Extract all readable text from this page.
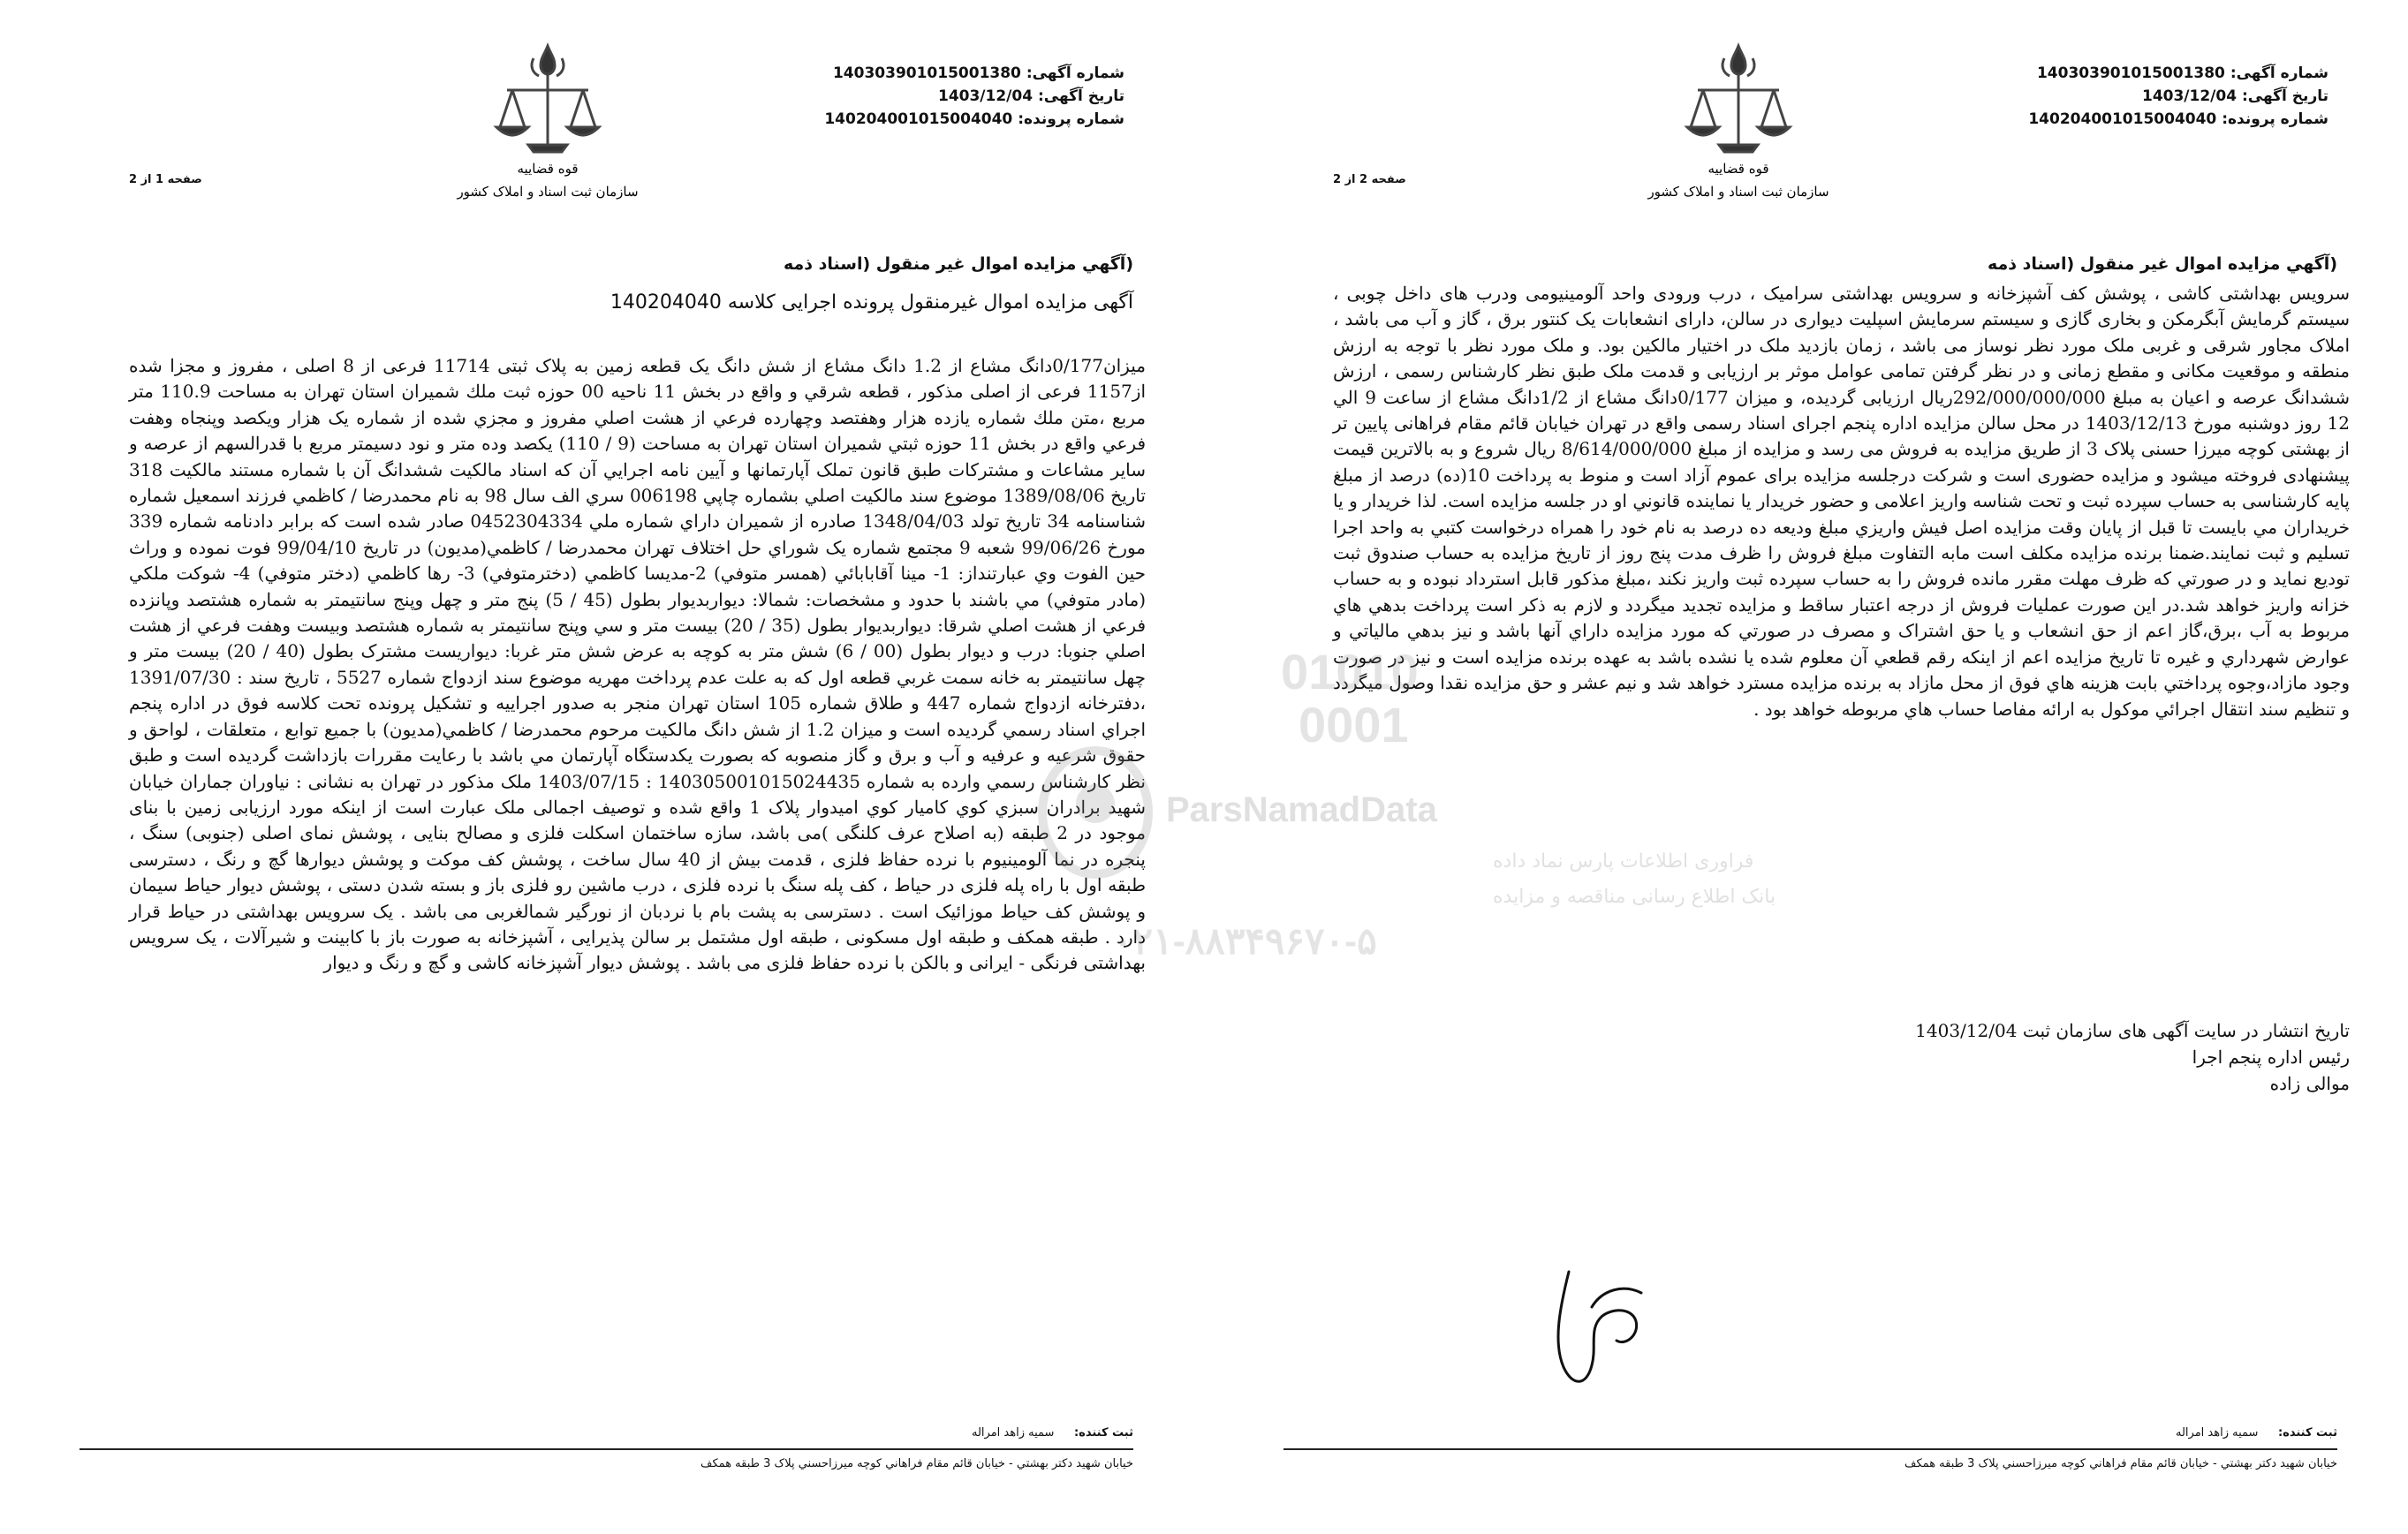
شماره آگهی: 140303901015001380
تاریخ آگهی: 1403/12/04
شماره پرونده: 140204001015004040
قوه قضاییه
سازمان ثبت اسناد و املاک کشور
صفحه 1 از 2
(آگهي مزايده اموال غير منقول (اسناد ذمه
آگهی مزایده اموال غیرمنقول پرونده اجرایی کلاسه 140204040
میزان0/177دانگ مشاع از 1.2 دانگ مشاع از شش دانگ یک قطعه زمین به پلاک ثبتی 11714 فرعی از 8 اصلی ، مفروز و مجزا شده از1157 فرعی از اصلی مذکور ، قطعه شرقي و واقع در بخش 11 ناحيه 00 حوزه ثبت ملك شميران استان تهران به مساحت 110.9 متر مربع ،متن ملك شماره يازده هزار وهفتصد وچهارده فرعي از هشت اصلي مفروز و مجزي شده از شماره يک هزار ويکصد وپنجاه وهفت فرعي واقع در بخش 11 حوزه ثبتي شميران استان تهران به مساحت (9 / 110) يکصد وده متر و نود دسيمتر مربع با قدرالسهم از عرصه و ساير مشاعات و مشترکات طبق قانون تملک آپارتمانها و آيين نامه اجرايي آن که اسناد مالکيت ششدانگ آن با شماره مستند مالکيت 318 تاريخ 1389/08/06 موضوع سند مالکيت اصلي بشماره چاپي 006198 سري الف سال 98 به نام محمدرضا / کاظمي فرزند اسمعيل شماره شناسنامه 34 تاريخ تولد 1348/04/03 صادره از شميران داراي شماره ملي 0452304334 صادر شده است که برابر دادنامه شماره 339 مورخ 99/06/26 شعبه 9 مجتمع شماره يک شوراي حل اختلاف تهران محمدرضا / کاظمي(مديون) در تاريخ 99/04/10 فوت نموده و وراث حين الفوت وي عبارتنداز: 1- مينا آقابابائي (همسر متوفي) 2-مديسا کاظمي (دخترمتوفي) 3- رها کاظمي (دختر متوفي) 4- شوکت ملکي (مادر متوفي) مي باشند با حدود و مشخصات: شمالا: ديواربديوار بطول (45 / 5) پنج متر و چهل وپنج سانتيمتر به شماره هشتصد وپانزده فرعي از هشت اصلي شرقا: ديواربديوار بطول (35 / 20) بيست متر و سي وپنج سانتيمتر به شماره هشتصد وبيست وهفت فرعي از هشت اصلي جنوبا: درب و ديوار بطول (00 / 6) شش متر به کوچه به عرض شش متر غربا: ديواريست مشترک بطول (40 / 20) بيست متر و چهل سانتيمتر به خانه سمت غربي قطعه اول که به علت عدم پرداخت مهريه موضوع سند ازدواج شماره 5527 ، تاريخ سند : 1391/07/30 ،دفترخانه ازدواج شماره 447 و طلاق شماره 105 استان تهران منجر به صدور اجراييه و تشکيل پرونده تحت کلاسه فوق در اداره پنجم اجراي اسناد رسمي گرديده است و ميزان 1.2 از شش دانگ مالکيت مرحوم محمدرضا / کاظمي(مديون) با جميع توابع ، متعلقات ، لواحق و حقوق شرعيه و عرفيه و آب و برق و گاز منصوبه که بصورت يکدستگاه آپارتمان مي باشد با رعايت مقررات بازداشت گرديده است و طبق نظر کارشناس رسمي وارده به شماره 140305001015024435 : 1403/07/15 ملک مذکور در تهران به نشانی : نیاوران جماران خیابان شهید برادران سبزي کوي کامیار کوي امیدوار پلاک 1 واقع شده و توصیف اجمالی ملک عبارت است از اینکه مورد ارزیابی زمین با بنای موجود در 2 طبقه (به اصلاح عرف کلنگی )می باشد، سازه ساختمان اسکلت فلزی و مصالح بنایی ، پوشش نمای اصلی (جنوبی) سنگ ، پنجره در نما آلومینیوم با نرده حفاظ فلزی ، قدمت بیش از 40 سال ساخت ، پوشش کف موکت و پوشش دیوارها گچ و رنگ ، دسترسی طبقه اول با راه پله فلزی در حیاط ، کف پله سنگ با نرده فلزی ، درب ماشین رو فلزی باز و بسته شدن دستی ، پوشش دیوار حیاط سیمان و پوشش کف حیاط موزائیک است . دسترسی به پشت بام با نردبان از نورگیر شمالغربی می باشد . یک سرویس بهداشتی در حیاط قرار دارد . طبقه همکف و طبقه اول مسکونی ، طبقه اول مشتمل بر سالن پذیرایی ، آشپزخانه به صورت باز با کابینت و شیرآلات ، یک سرویس بهداشتی فرنگی - ایرانی و بالکن با نرده حفاظ فلزی می باشد . پوشش دیوار آشپزخانه کاشی و گچ و رنگ و دیوار
ثبت کننده: سمیه زاهد امراله
خیابان شهید دکتر بهشتي - خیابان قائم مقام فراهاني کوچه میرزاحسني پلاک 3 طبقه همکف
شماره آگهی: 140303901015001380
تاریخ آگهی: 1403/12/04
شماره پرونده: 140204001015004040
قوه قضاییه
سازمان ثبت اسناد و املاک کشور
صفحه 2 از 2
(آگهي مزايده اموال غير منقول (اسناد ذمه
سرویس بهداشتی کاشی ، پوشش کف آشپزخانه و سرویس بهداشتی سرامیک ، درب ورودی واحد آلومینیومی ودرب های داخل چوبی ، سیستم گرمایش آبگرمکن و بخاری گازی و سیستم سرمایش اسپلیت دیواری در سالن، دارای انشعابات یک کنتور برق ، گاز و آب می باشد ، املاک مجاور شرقی و غربی ملک مورد نظر نوساز می باشد ، زمان بازدید ملک در اختیار مالکین بود. و ملک مورد نظر با توجه به ارزش منطقه و موقعیت مکانی و مقطع زمانی و در نظر گرفتن تمامی عوامل موثر بر ارزیابی و قدمت ملک طبق نظر کارشناس رسمی ، ارزش ششدانگ عرصه و اعیان به مبلغ 292/000/000/000ریال ارزیابی گردیده، و میزان 0/177دانگ مشاع از 1/2دانگ مشاع از ساعت 9 الي 12 روز دوشنبه مورخ 1403/12/13 در محل سالن مزایده اداره پنجم اجرای اسناد رسمی واقع در تهران خیابان قائم مقام فراهانی پایین تر از بهشتی کوچه میرزا حسنی پلاک 3 از طریق مزایده به فروش می رسد و مزایده از مبلغ 8/614/000/000 ریال شروع و به بالاترین قیمت پیشنهادی فروخته میشود و مزایده حضوری است و شرکت درجلسه مزایده برای عموم آزاد است و منوط به پرداخت 10(ده) درصد از مبلغ پایه کارشناسی به حساب سپرده ثبت و تحت شناسه واریز اعلامی و حضور خریدار یا نماینده قانوني او در جلسه مزایده است. لذا خريدار و يا خريداران مي بايست تا قبل از پايان وقت مزايده اصل فيش واريزي مبلغ وديعه ده درصد به نام خود را همراه درخواست کتبي به واحد اجرا تسليم و ثبت نمايند.ضمنا برنده مزايده مکلف است مابه التفاوت مبلغ فروش را ظرف مدت پنج روز از تاريخ مزايده به حساب صندوق ثبت توديع نمايد و در صورتي که ظرف مهلت مقرر مانده فروش را به حساب سپرده ثبت واريز نکند ،مبلغ مذکور قابل استرداد نبوده و به حساب خزانه واريز خواهد شد.در اين صورت عمليات فروش از درجه اعتبار ساقط و مزايده تجديد ميگردد و لازم به ذکر است پرداخت بدهي هاي مربوط به آب ،برق،گاز اعم از حق انشعاب و يا حق اشتراک و مصرف در صورتي که مورد مزايده داراي آنها باشد و نيز بدهي مالياتي و عوارض شهرداري و غيره تا تاريخ مزايده اعم از اينکه رقم قطعي آن معلوم شده يا نشده باشد به عهده برنده مزايده است و نيز در صورت وجود مازاد،وجوه پرداختي بابت هزينه هاي فوق از محل مازاد به برنده مزايده مسترد خواهد شد و نيم عشر و حق مزايده نقدا وصول ميگردد و تنظيم سند انتقال اجرائي موکول به ارائه مفاصا حساب هاي مربوطه خواهد بود .
تاریخ انتشار در سایت آگهی های سازمان ثبت 1403/12/04
رئیس اداره پنجم اجرا
موالی زاده
ثبت کننده: سمیه زاهد امراله
خیابان شهید دکتر بهشتي - خیابان قائم مقام فراهاني کوچه میرزاحسني پلاک 3 طبقه همکف
01010
0001
ParsNamadData
فراوری اطلاعات پارس نماد داده
بانک اطلاع رسانی مناقصه و مزایده
۰۲۱-۸۸۳۴۹۶۷۰-۵
